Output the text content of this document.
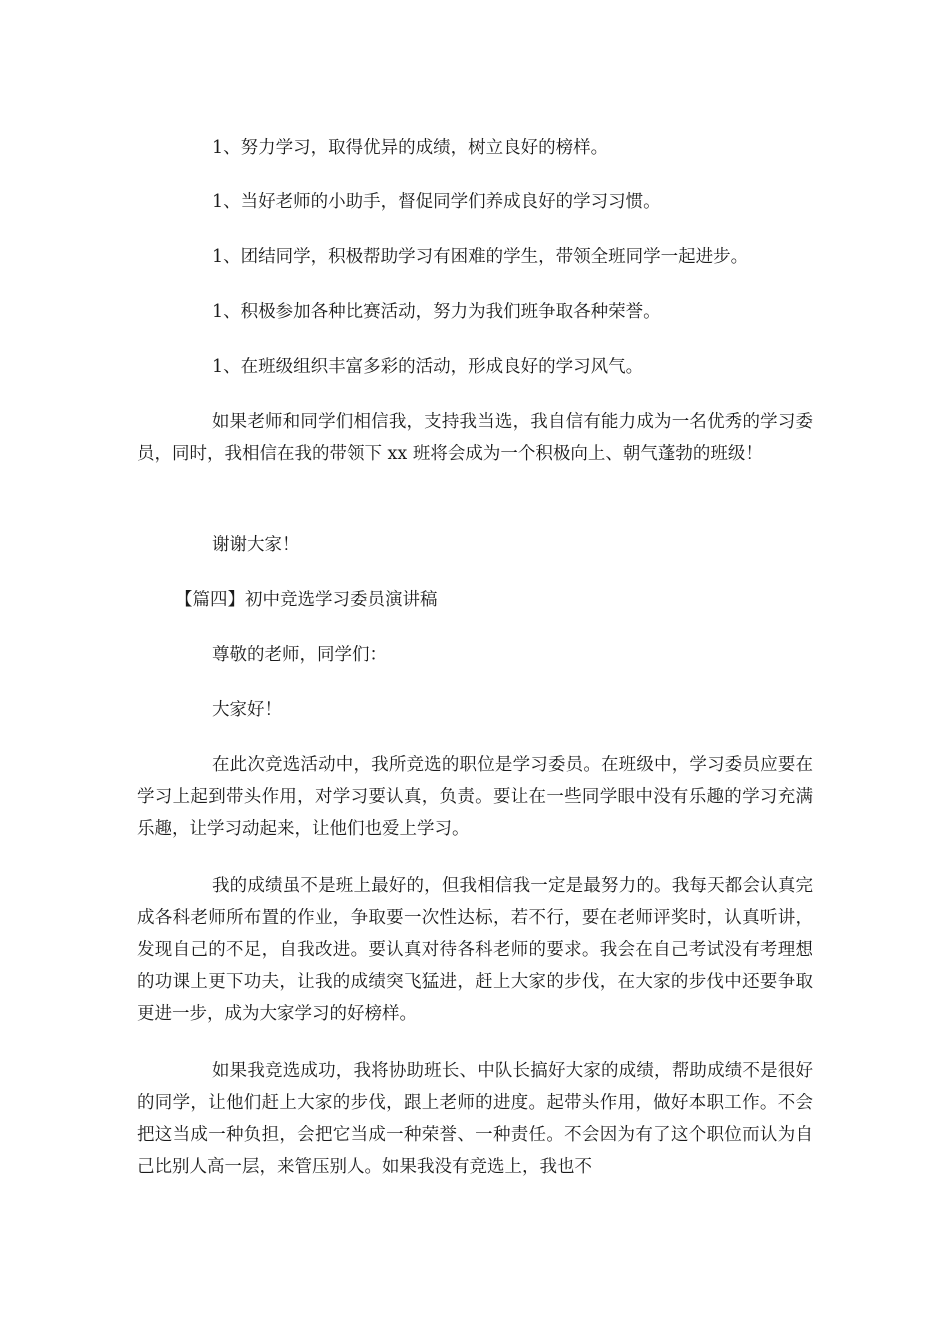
1、努力学习，取得优异的成绩，树立良好的榜样。

1、当好老师的小助手，督促同学们养成良好的学习习惯。

1、团结同学，积极帮助学习有困难的学生，带领全班同学一起进步。

1、积极参加各种比赛活动，努力为我们班争取各种荣誉。

1、在班级组织丰富多彩的活动，形成良好的学习风气。

如果老师和同学们相信我，支持我当选，我自信有能力成为一名优秀的学习委员，同时，我相信在我的带领下 xx 班将会成为一个积极向上、朝气蓬勃的班级！

谢谢大家！

【篇四】初中竞选学习委员演讲稿

尊敬的老师，同学们：

大家好！

在此次竞选活动中，我所竞选的职位是学习委员。在班级中，学习委员应要在学习上起到带头作用，对学习要认真，负责。要让在一些同学眼中没有乐趣的学习充满乐趣，让学习动起来，让他们也爱上学习。

我的成绩虽不是班上最好的，但我相信我一定是最努力的。我每天都会认真完成各科老师所布置的作业，争取要一次性达标，若不行，要在老师评奖时，认真听讲，发现自己的不足，自我改进。要认真对待各科老师的要求。我会在自己考试没有考理想的功课上更下功夫，让我的成绩突飞猛进，赶上大家的步伐，在大家的步伐中还要争取更进一步，成为大家学习的好榜样。

如果我竞选成功，我将协助班长、中队长搞好大家的成绩，帮助成绩不是很好的同学，让他们赶上大家的步伐，跟上老师的进度。起带头作用，做好本职工作。不会把这当成一种负担，会把它当成一种荣誉、一种责任。不会因为有了这个职位而认为自己比别人高一层，来管压别人。如果我没有竞选上，我也不
